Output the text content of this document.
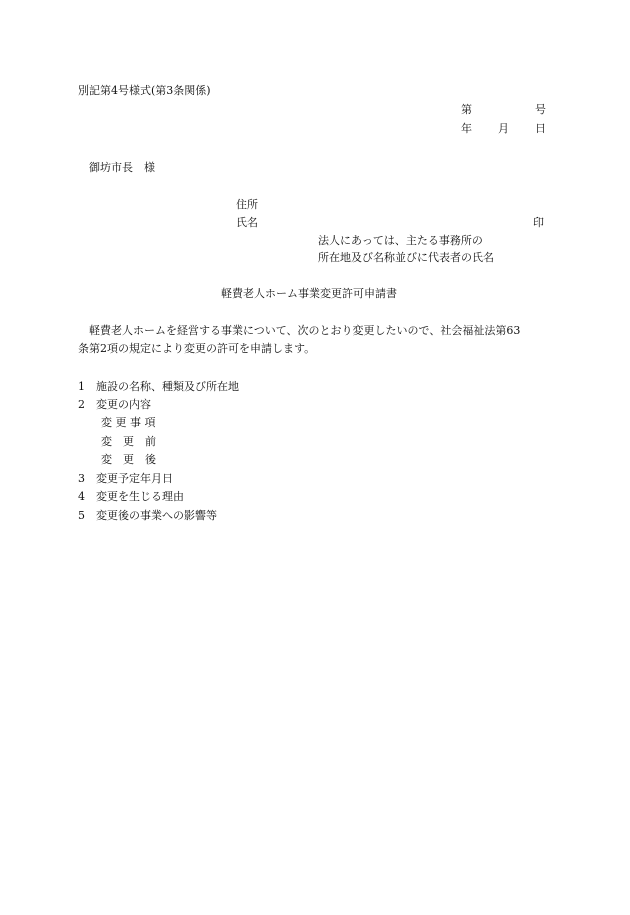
別記第4号様式(第3条関係)

第	号

年 月 日

御坊市長　様

住所

氏名	印

法人にあっては、主たる事務所の

所在地及び名称並びに代表者の氏名

軽費老人ホーム事業変更許可申請書

軽費老人ホームを経営する事業について、次のとおり変更したいので、社会福祉法第63

条第2項の規定により変更の許可を申請します。

1 施設の名称、種類及び所在地

2 変更の内容

変 更 事 項

変　更　前

変　更　後

3 変更予定年月日

4 変更を生じる理由

5 変更後の事業への影響等
